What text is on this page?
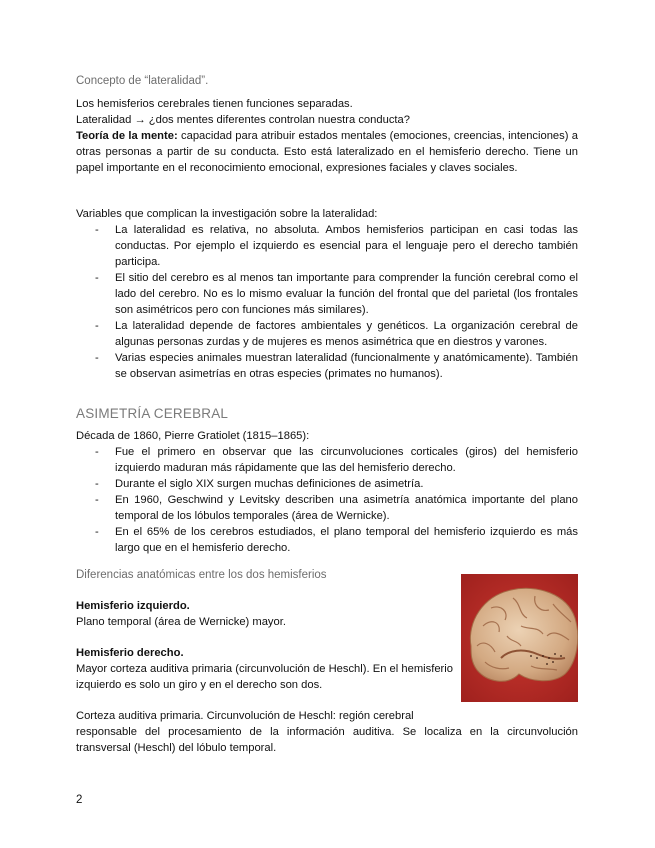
Concepto de “lateralidad”.
Los hemisferios cerebrales tienen funciones separadas.
Lateralidad → ¿dos mentes diferentes controlan nuestra conducta?
Teoría de la mente: capacidad para atribuir estados mentales (emociones, creencias, intenciones) a otras personas a partir de su conducta. Esto está lateralizado en el hemisferio derecho. Tiene un papel importante en el reconocimiento emocional, expresiones faciales y claves sociales.
Variables que complican la investigación sobre la lateralidad:
- La lateralidad es relativa, no absoluta. Ambos hemisferios participan en casi todas las conductas. Por ejemplo el izquierdo es esencial para el lenguaje pero el derecho también participa.
- El sitio del cerebro es al menos tan importante para comprender la función cerebral como el lado del cerebro. No es lo mismo evaluar la función del frontal que del parietal (los frontales son asimétricos pero con funciones más similares).
- La lateralidad depende de factores ambientales y genéticos. La organización cerebral de algunas personas zurdas y de mujeres es menos asimétrica que en diestros y varones.
- Varias especies animales muestran lateralidad (funcionalmente y anatómicamente). También se observan asimetrías en otras especies (primates no humanos).
ASIMETRÍA CEREBRAL
Década de 1860, Pierre Gratiolet (1815–1865):
- Fue el primero en observar que las circunvoluciones corticales (giros) del hemisferio izquierdo maduran más rápidamente que las del hemisferio derecho.
- Durante el siglo XIX surgen muchas definiciones de asimetría.
- En 1960, Geschwind y Levitsky describen una asimetría anatómica importante del plano temporal de los lóbulos temporales (área de Wernicke).
- En el 65% de los cerebros estudiados, el plano temporal del hemisferio izquierdo es más largo que en el hemisferio derecho.
Diferencias anatómicas entre los dos hemisferios
Hemisferio izquierdo.
Plano temporal (área de Wernicke) mayor.
Hemisferio derecho.
Mayor corteza auditiva primaria (circunvolución de Heschl). En el hemisferio izquierdo es solo un giro y en el derecho son dos.
Corteza auditiva primaria. Circunvolución de Heschl: región cerebral
responsable del procesamiento de la información auditiva. Se localiza en la circunvolución transversal (Heschl) del lóbulo temporal.
2
